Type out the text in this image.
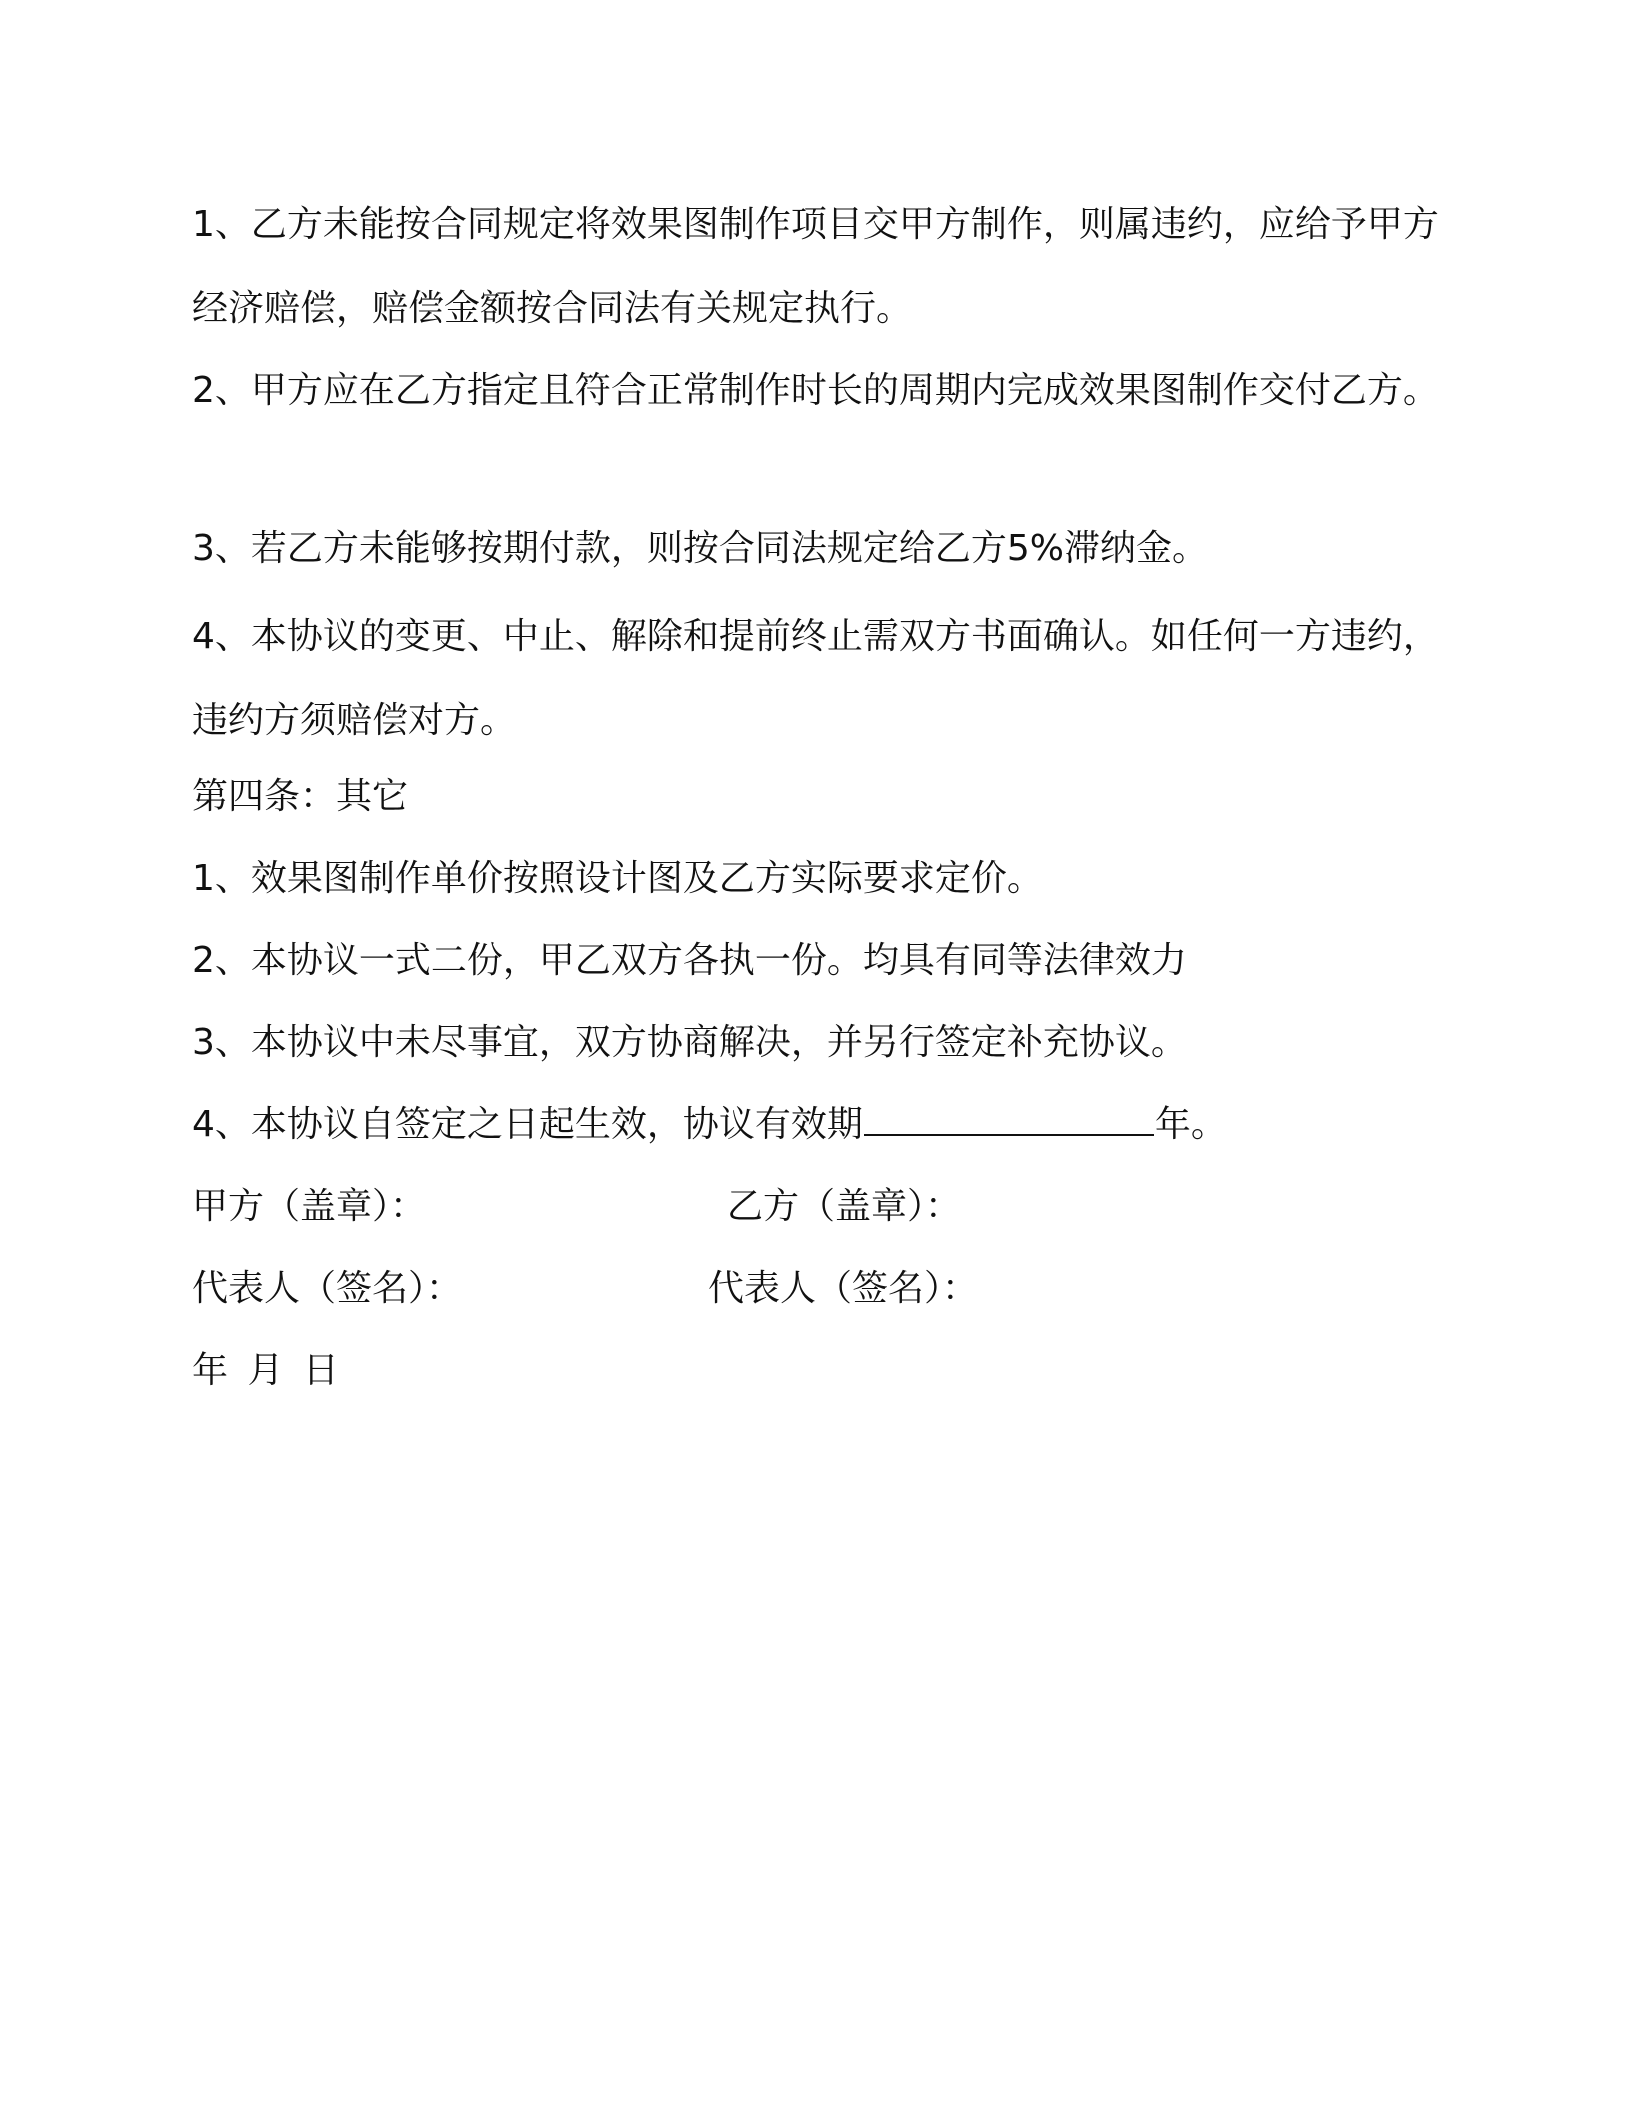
1、乙方未能按合同规定将效果图制作项目交甲方制作，则属违约，应给予甲方经济赔偿，赔偿金额按合同法有关规定执行。

2、甲方应在乙方指定且符合正常制作时长的周期内完成效果图制作交付乙方。

3、若乙方未能够按期付款，则按合同法规定给乙方5%滞纳金。

4、本协议的变更、中止、解除和提前终止需双方书面确认。如任何一方违约，违约方须赔偿对方。

第四条：其它

1、效果图制作单价按照设计图及乙方实际要求定价。

2、本协议一式二份，甲乙双方各执一份。均具有同等法律效力

3、本协议中未尽事宜，双方协商解决，并另行签定补充协议。

4、本协议自签定之日起生效，协议有效期	年。

甲方（盖章）：	乙方（盖章）：

代表人（签名）：	代表人（签名）：

年 月 日
